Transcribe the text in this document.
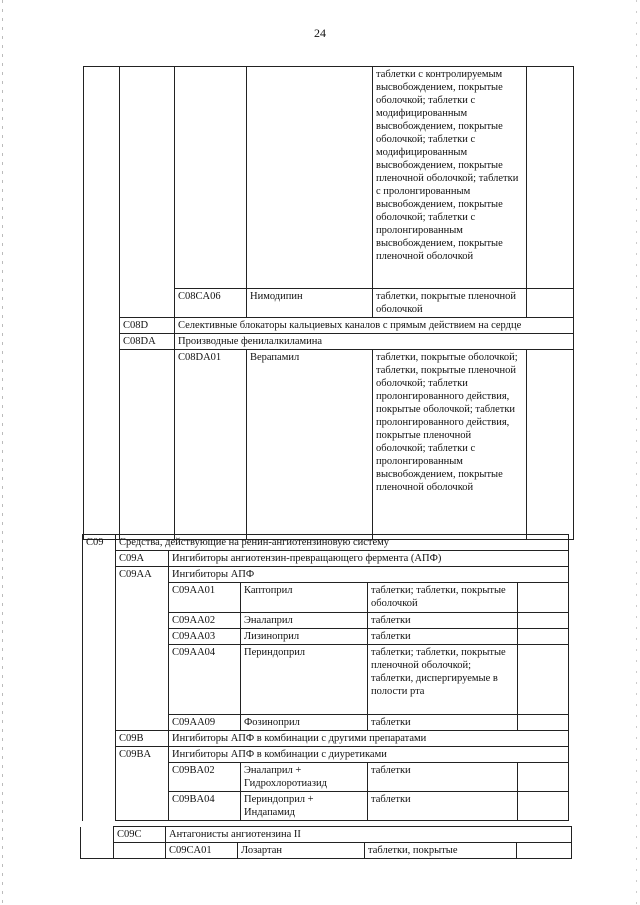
24
				таблетки с контролируемым высвобождением, покрытые оболочкой; таблетки с модифицированным высвобождением, покрытые оболочкой; таблетки с модифицированным высвобождением, покрытые пленочной оболочкой; таблетки с пролонгированным высвобождением, покрытые оболочкой; таблетки с пролонгированным высвобождением, покрытые пленочной оболочкой	
		C08CA06	Нимодипин	таблетки, покрытые пленочной оболочкой	
	C08D	Селективные блокаторы кальциевых каналов с прямым действием на сердце			
	C08DA	Производные фенилалкиламина			
		C08DA01	Верапамил	таблетки, покрытые оболочкой; таблетки, покрытые пленочной оболочкой; таблетки пролонгированного действия, покрытые оболочкой; таблетки пролонгированного действия, покрытые пленочной оболочкой; таблетки с пролонгированным высвобождением, покрытые пленочной оболочкой	
C09	Средства, действующие на ренин-ангиотензиновую систему				
	C09A	Ингибиторы ангиотензин-превращающего фермента (АПФ)			
	C09AA	Ингибиторы АПФ			
		C09AA01	Каптоприл	таблетки; таблетки, покрытые оболочкой	
		C09AA02	Эналаприл	таблетки	
		C09AA03	Лизиноприл	таблетки	
		C09AA04	Периндоприл	таблетки; таблетки, покрытые пленочной оболочкой; таблетки, диспергируемые в полости рта	
		C09AA09	Фозиноприл	таблетки	
	C09B	Ингибиторы АПФ в комбинации с другими препаратами			
	C09BA	Ингибиторы АПФ в комбинации с диуретиками			
		C09BA02	Эналаприл + Гидрохлоротиазид	таблетки	
		C09BA04	Периндоприл + Индапамид	таблетки	
	C09C	Антагонисты ангиотензина II			
		C09CA01	Лозартан	таблетки, покрытые	
